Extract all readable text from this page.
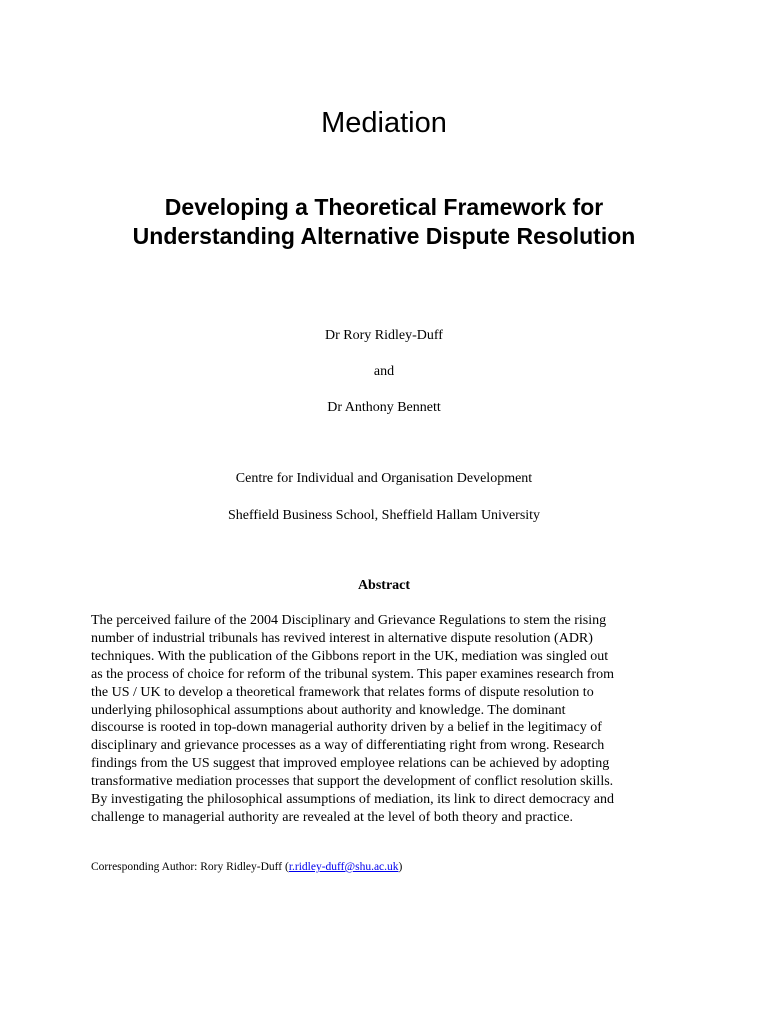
Mediation
Developing a Theoretical Framework for
Understanding Alternative Dispute Resolution

Dr Rory Ridley-Duff

and

Dr Anthony Bennett

Centre for Individual and Organisation Development

Sheffield Business School, Sheffield Hallam University

Abstract

The perceived failure of the 2004 Disciplinary and Grievance Regulations to stem the rising
number of industrial tribunals has revived interest in alternative dispute resolution (ADR)
techniques. With the publication of the Gibbons report in the UK, mediation was singled out
as the process of choice for reform of the tribunal system. This paper examines research from
the US / UK to develop a theoretical framework that relates forms of dispute resolution to
underlying philosophical assumptions about authority and knowledge. The dominant
discourse is rooted in top-down managerial authority driven by a belief in the legitimacy of
disciplinary and grievance processes as a way of differentiating right from wrong. Research
findings from the US suggest that improved employee relations can be achieved by adopting
transformative mediation processes that support the development of conflict resolution skills.
By investigating the philosophical assumptions of mediation, its link to direct democracy and
challenge to managerial authority are revealed at the level of both theory and practice.

Corresponding Author: Rory Ridley-Duff (r.ridley-duff@shu.ac.uk)
